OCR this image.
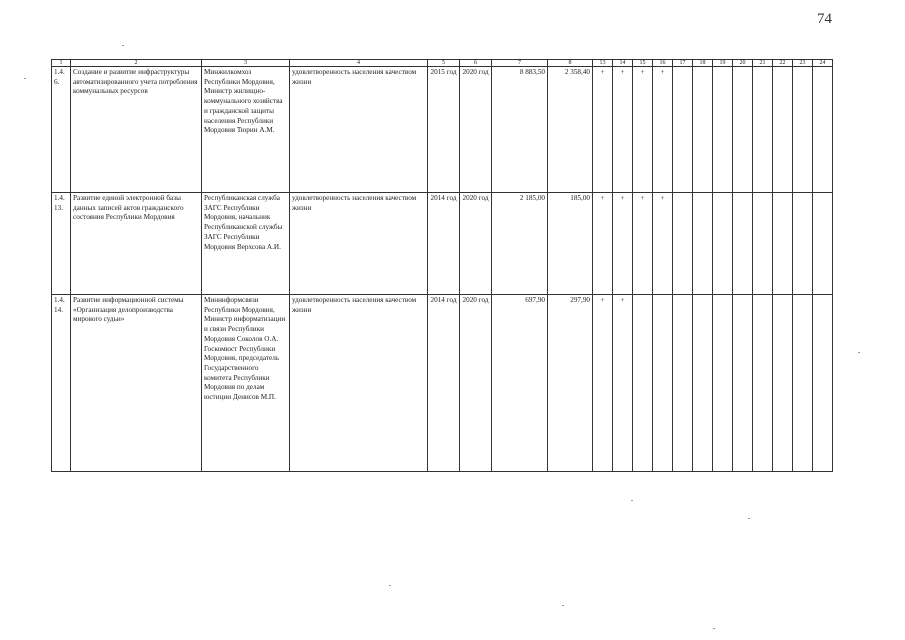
74
1	2	3	4	5	6	7	8	13	14	15	16	17	18	19	20	21	22	23	24
1.4.6.	Создание и развитие инфраструктуры автоматизированного учета потребления коммунальных ресурсов	Минжилкомхоз Республики Мордовия, Министр жилищно-коммунального хозяйства и гражданской защиты населения Республики Мордовия Тюрин А.М.	удовлетворенность населения качеством жизни	2015 год	2020 год	8 883,50	2 358,40	+	+	+	+								
1.4.13.	Развитие единой электронной базы данных записей актов гражданского состояния Республики Мордовия	Республиканская служба ЗАГС Республики Мордовия, начальник Республиканской службы ЗАГС Республики Мордовия Верхсова А.И.	удовлетворенность населения качеством жизни	2014 год	2020 год	2 185,00	185,00	+	+	+	+								
1.4.14.	Развитие информационной системы «Организация делопроизводства мирового судьи»	Мининформсвязи Республики Мордовия, Министр информатизации и связи Республики Мордовия Соколов О.А. Госкомюст Республики Мордовия, председатель Государственного комитета Республики Мордовия по делам юстиции Денисов М.П.	удовлетворенность населения качеством жизни	2014 год	2020 год	697,90	297,90	+	+										
